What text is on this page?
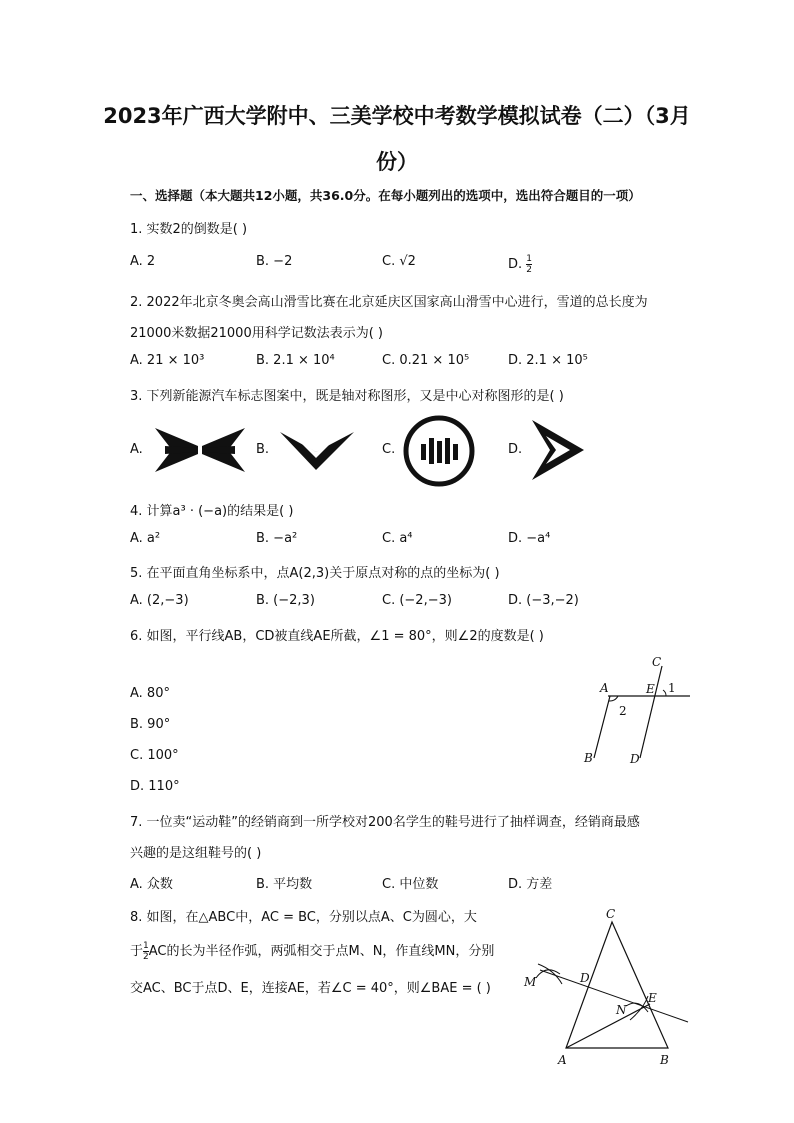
2023年广西大学附中、三美学校中考数学模拟试卷（二）（3月
份）
一、选择题（本大题共12小题，共36.0分。在每小题列出的选项中，选出符合题目的一项）
1. 实数2的倒数是( )
A. 2	B. −2	C. √2	D. $\frac{1}{2}$
2. 2022年北京冬奥会高山滑雪比赛在北京延庆区国家高山滑雪中心进行，雪道的总长度为
21000米数据21000用科学记数法表示为( )
A. 21 × 10³	B. 2.1 × 10⁴	C. 0.21 × 10⁵	D. 2.1 × 10⁵
3. 下列新能源汽车标志图案中，既是轴对称图形，又是中心对称图形的是( )
A.	B.	C.	D.
4. 计算a³ · (−a)的结果是( )
A. a²	B. −a²	C. a⁴	D. −a⁴
5. 在平面直角坐标系中，点A(2,3)关于原点对称的点的坐标为( )
A. (2,−3)	B. (−2,3)	C. (−2,−3)	D. (−3,−2)
6. 如图，平行线AB，CD被直线AE所截，∠1 = 80°，则∠2的度数是( )
A. 80°
B. 90°
C. 100°
D. 110°
C
A	E 1
2
B	D
7. 一位卖“运动鞋”的经销商到一所学校对200名学生的鞋号进行了抽样调查，经销商最感
兴趣的是这组鞋号的( )
A. 众数	B. 平均数	C. 中位数	D. 方差
8. 如图，在△ABC中，AC = BC，分别以点A、C为圆心，大
于 $\frac{1}{2}$ AC的长为半径作弧，两弧相交于点M、N，作直线MN，分别
交AC、BC于点D、E，连接AE，若∠C = 40°，则∠BAE = ( )
C
D
M
E
N
A	B
